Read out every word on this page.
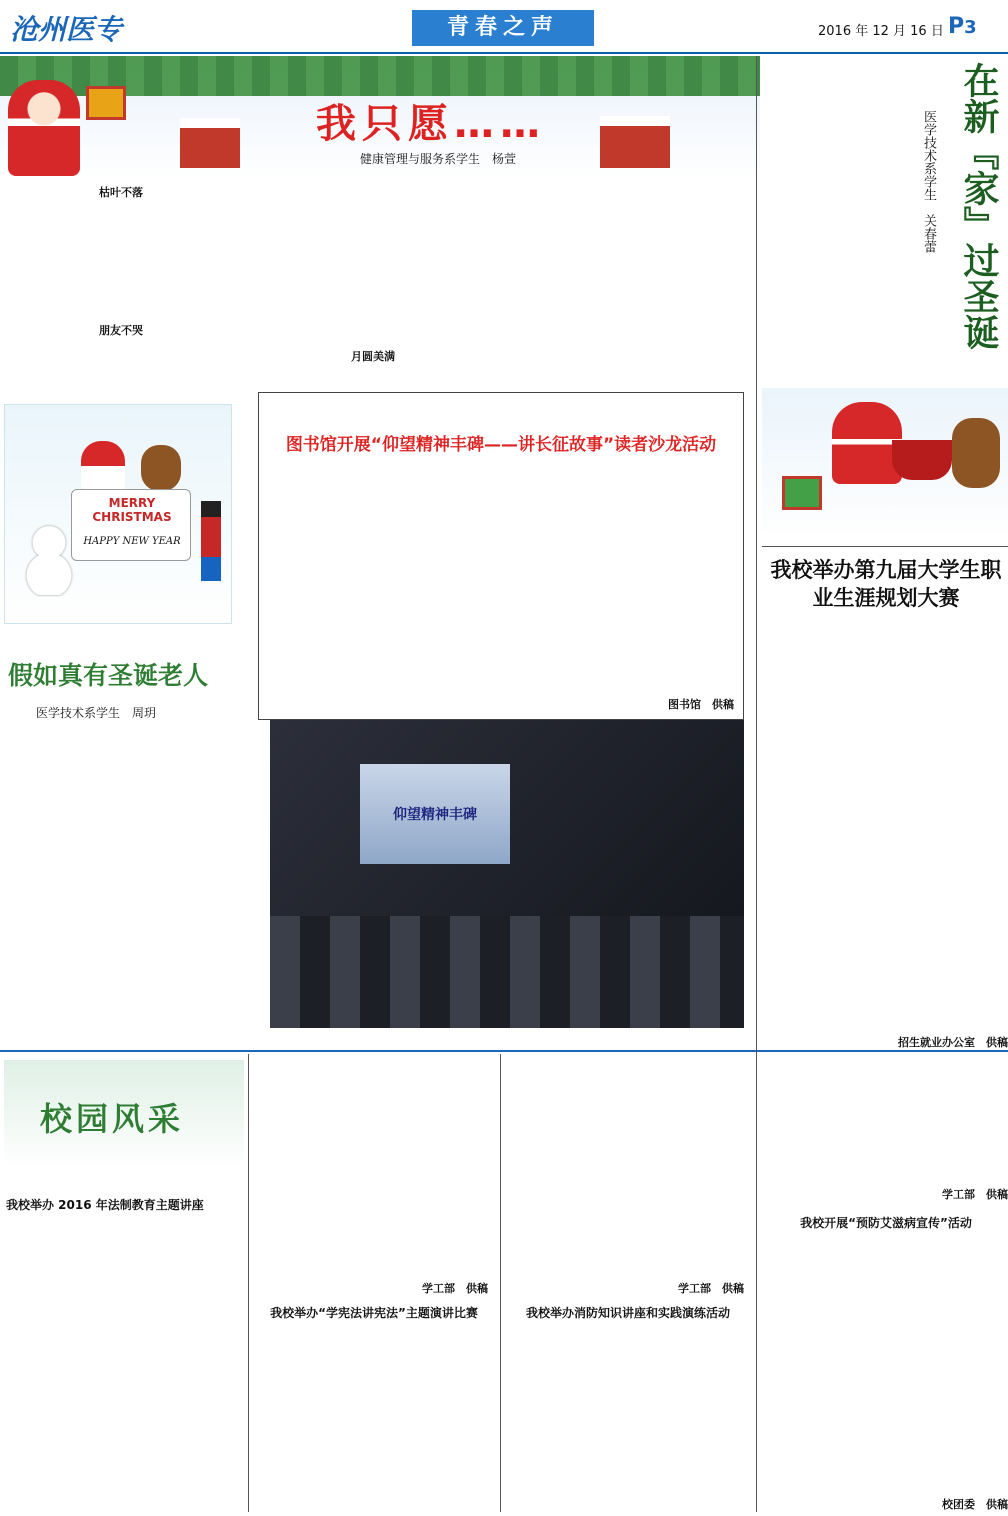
沧州医专	青春之声	2016 年 12 月 16 日 P3
我只愿……
健康管理与服务系学生　杨萱
枯叶不落
朋友不哭
月圆美满
在新『家』过圣诞
医学技术系学生　关春蕾
MERRY
CHRISTMAS
HAPPY NEW YEAR
假如真有圣诞老人
医学技术系学生　周玥
图书馆开展“仰望精神丰碑——讲长征故事”读者沙龙活动
图书馆　供稿
仰望精神丰碑
我校举办第九届大学生职业生涯规划大赛
招生就业办公室　供稿
校园风采
我校举办 2016 年法制教育主题讲座
学工部　供稿
我校举办“学宪法讲宪法”主题演讲比赛
学工部　供稿
我校举办消防知识讲座和实践演练活动
学工部　供稿
我校开展“预防艾滋病宣传”活动
校团委　供稿
